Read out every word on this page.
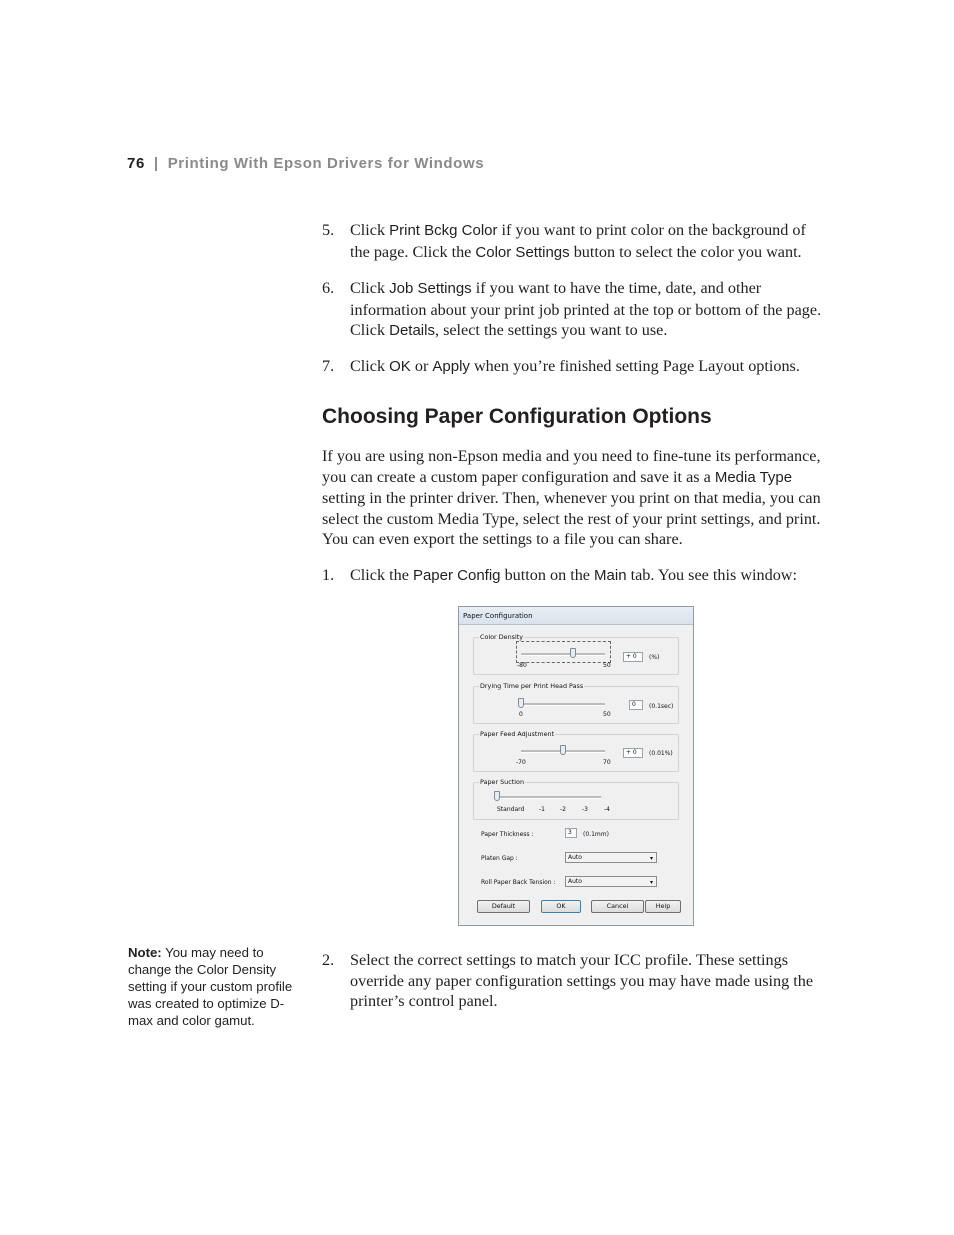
76 | Printing With Epson Drivers for Windows
5. Click Print Bckg Color if you want to print color on the background of the page. Click the Color Settings button to select the color you want.
6. Click Job Settings if you want to have the time, date, and other information about your print job printed at the top or bottom of the page. Click Details, select the settings you want to use.
7. Click OK or Apply when you’re finished setting Page Layout options.
Choosing Paper Configuration Options
If you are using non-Epson media and you need to fine-tune its performance, you can create a custom paper configuration and save it as a Media Type setting in the printer driver. Then, whenever you print on that media, you can select the custom Media Type, select the rest of your print settings, and print. You can even export the settings to a file you can share.
1. Click the Paper Config button on the Main tab. You see this window:
Paper Configuration
Color Density
-80	50
+ 0	(%)
Drying Time per Print Head Pass
0	50
0	(0.1sec)
Paper Feed Adjustment
-70	70
+ 0	(0.01%)
Paper Suction
Standard -1	-2	-3	-4
Paper Thickness :	3	(0.1mm)
Platen Gap :	Auto	▾
Roll Paper Back Tension :	Auto	▾
Default	OK	Cancel	Help
Note: You may need to change the Color Density setting if your custom profile was created to optimize D-max and color gamut.
2. Select the correct settings to match your ICC profile. These settings override any paper configuration settings you may have made using the printer’s control panel.
